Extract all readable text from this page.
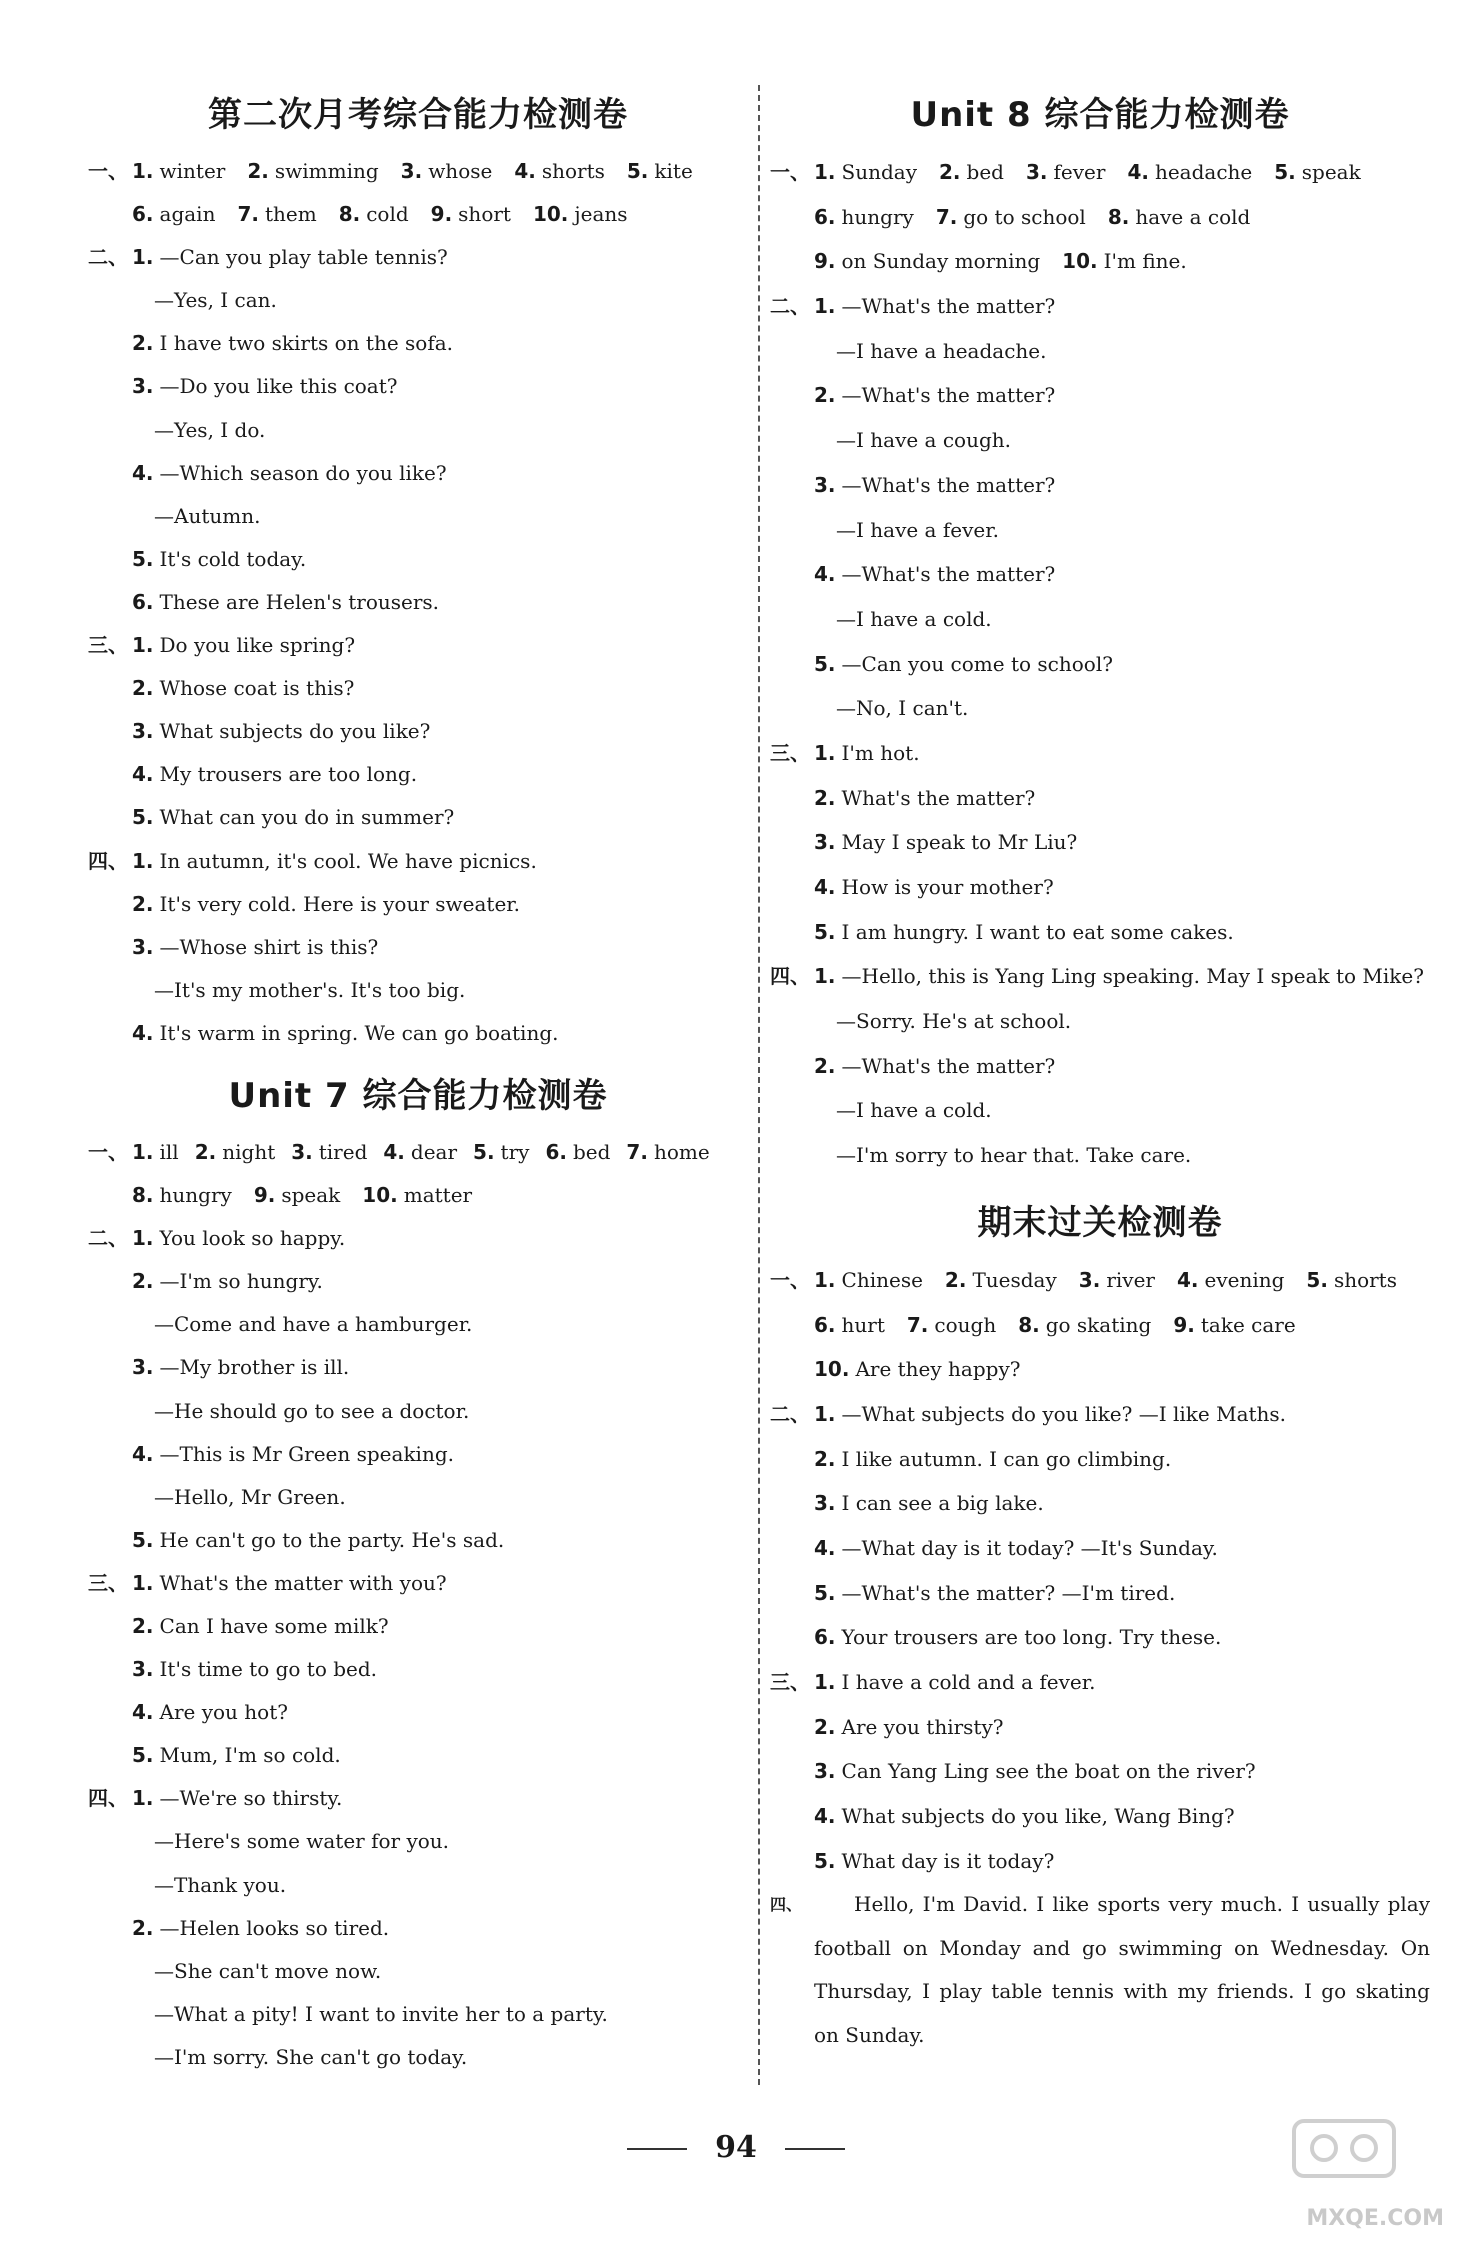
第二次月考综合能力检测卷
一、 1. winter 2. swimming 3. whose 4. shorts 5. kite
6. again 7. them 8. cold 9. short 10. jeans
二、 1. —Can you play table tennis?
—Yes, I can.
2. I have two skirts on the sofa.
3. —Do you like this coat?
—Yes, I do.
4. —Which season do you like?
—Autumn.
5. It's cold today.
6. These are Helen's trousers.
三、 1. Do you like spring?
2. Whose coat is this?
3. What subjects do you like?
4. My trousers are too long.
5. What can you do in summer?
四、 1. In autumn, it's cool. We have picnics.
2. It's very cold. Here is your sweater.
3. —Whose shirt is this?
—It's my mother's. It's too big.
4. It's warm in spring. We can go boating.
Unit 7 综合能力检测卷
一、 1. ill 2. night 3. tired 4. dear 5. try 6. bed 7. home
8. hungry 9. speak 10. matter
二、 1. You look so happy.
2. —I'm so hungry.
—Come and have a hamburger.
3. —My brother is ill.
—He should go to see a doctor.
4. —This is Mr Green speaking.
—Hello, Mr Green.
5. He can't go to the party. He's sad.
三、 1. What's the matter with you?
2. Can I have some milk?
3. It's time to go to bed.
4. Are you hot?
5. Mum, I'm so cold.
四、 1. —We're so thirsty.
—Here's some water for you.
—Thank you.
2. —Helen looks so tired.
—She can't move now.
—What a pity! I want to invite her to a party.
—I'm sorry. She can't go today.
Unit 8 综合能力检测卷
一、 1. Sunday 2. bed 3. fever 4. headache 5. speak
6. hungry 7. go to school 8. have a cold
9. on Sunday morning 10. I'm fine.
二、 1. —What's the matter?
—I have a headache.
2. —What's the matter?
—I have a cough.
3. —What's the matter?
—I have a fever.
4. —What's the matter?
—I have a cold.
5. —Can you come to school?
—No, I can't.
三、 1. I'm hot.
2. What's the matter?
3. May I speak to Mr Liu?
4. How is your mother?
5. I am hungry. I want to eat some cakes.
四、 1. —Hello, this is Yang Ling speaking. May I speak to Mike?
—Sorry. He's at school.
2. —What's the matter?
—I have a cold.
—I'm sorry to hear that. Take care.
期末过关检测卷
一、 1. Chinese 2. Tuesday 3. river 4. evening 5. shorts
6. hurt 7. cough 8. go skating 9. take care
10. Are they happy?
二、 1. —What subjects do you like? —I like Maths.
2. I like autumn. I can go climbing.
3. I can see a big lake.
4. —What day is it today? —It's Sunday.
5. —What's the matter? —I'm tired.
6. Your trousers are too long. Try these.
三、 1. I have a cold and a fever.
2. Are you thirsty?
3. Can Yang Ling see the boat on the river?
4. What subjects do you like, Wang Bing?
5. What day is it today?
四、	Hello, I'm David. I like sports very much. I usually play football on Monday and go swimming on Wednesday. On Thursday, I play table tennis with my friends. I go skating on Sunday.
94
MXQE.COM
